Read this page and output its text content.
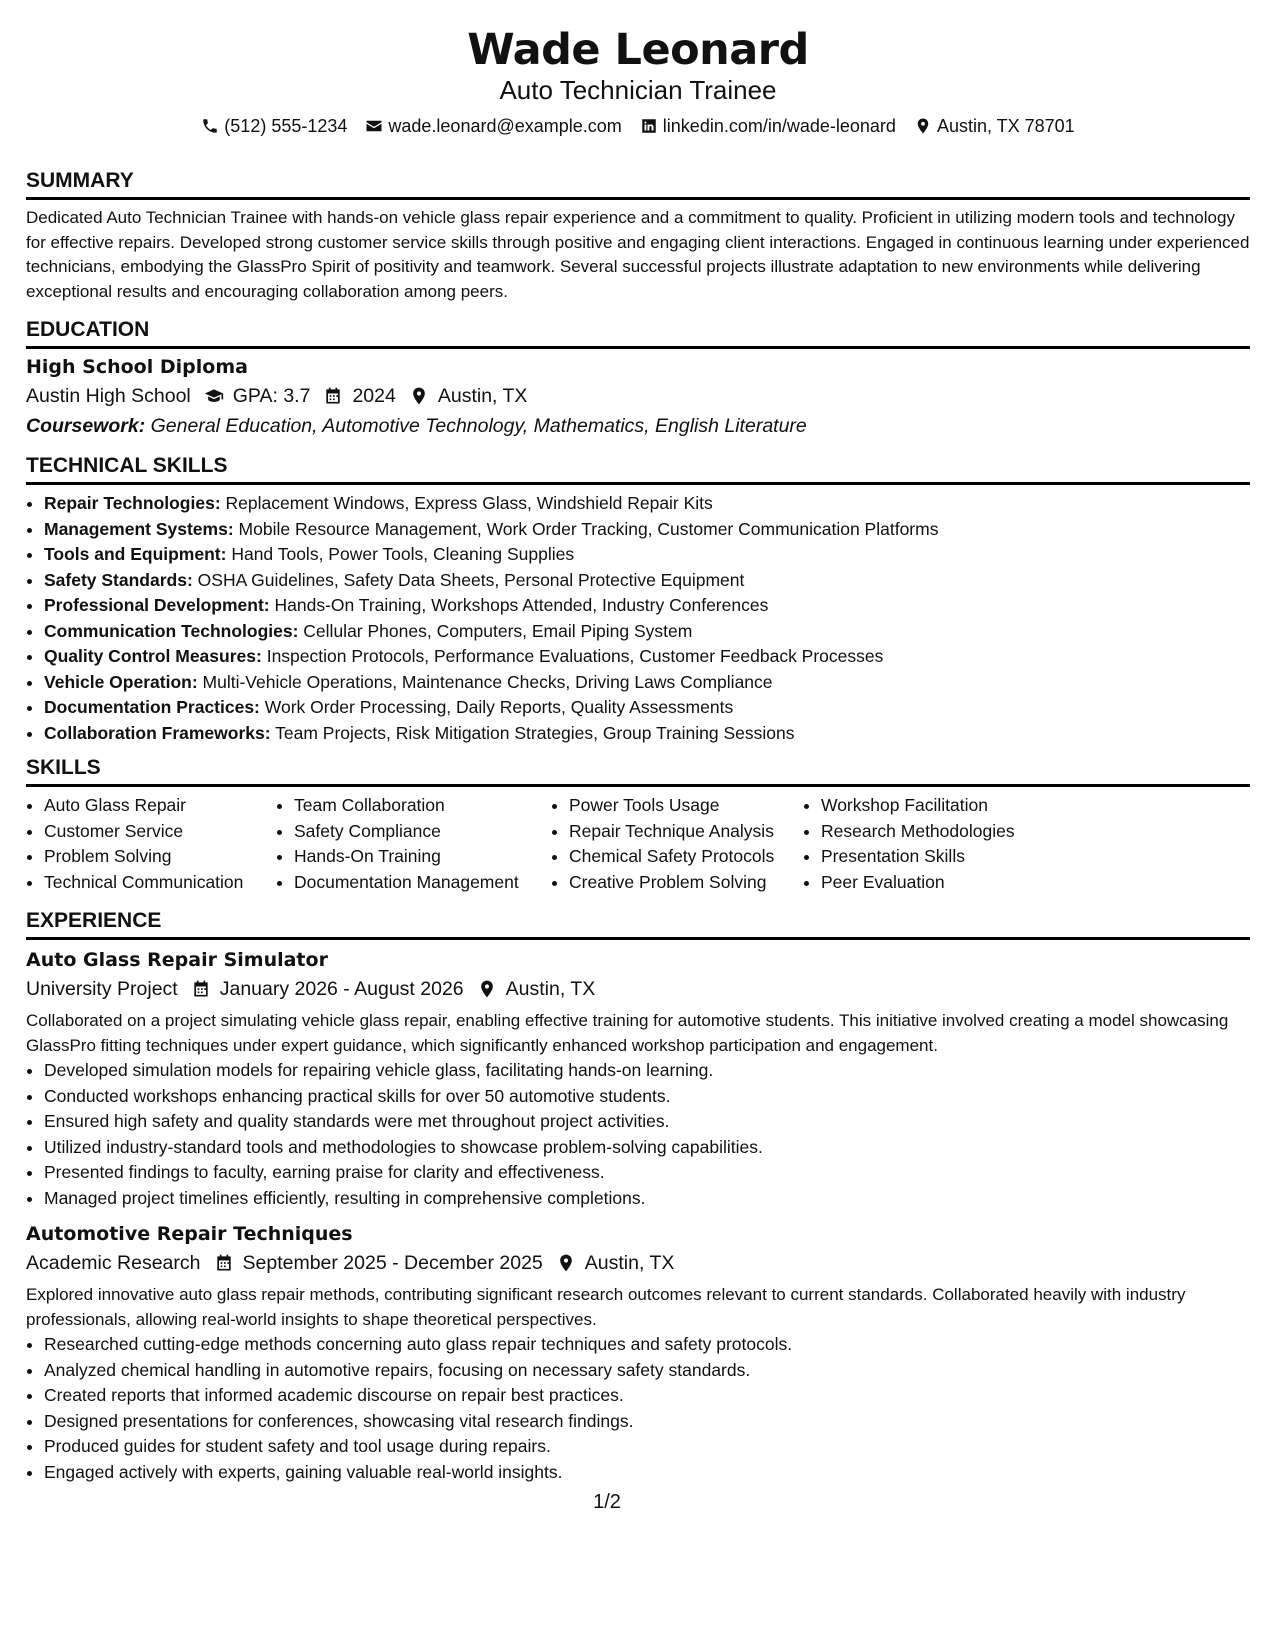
Wade Leonard
Auto Technician Trainee
(512) 555-1234 wade.leonard@example.com linkedin.com/in/wade-leonard Austin, TX 78701
SUMMARY

Dedicated Auto Technician Trainee with hands-on vehicle glass repair experience and a commitment to quality. Proficient in utilizing modern tools and technology for effective repairs. Developed strong customer service skills through positive and engaging client interactions. Engaged in continuous learning under experienced technicians, embodying the GlassPro Spirit of positivity and teamwork. Several successful projects illustrate adaptation to new environments while delivering exceptional results and encouraging collaboration among peers.

EDUCATION
High School Diploma
Austin High School GPA: 3.7 2024 Austin, TX
Coursework: General Education, Automotive Technology, Mathematics, English Literature
TECHNICAL SKILLS
• Repair Technologies: Replacement Windows, Express Glass, Windshield Repair Kits
• Management Systems: Mobile Resource Management, Work Order Tracking, Customer Communication Platforms
• Tools and Equipment: Hand Tools, Power Tools, Cleaning Supplies
• Safety Standards: OSHA Guidelines, Safety Data Sheets, Personal Protective Equipment
• Professional Development: Hands-On Training, Workshops Attended, Industry Conferences
• Communication Technologies: Cellular Phones, Computers, Email Piping System
• Quality Control Measures: Inspection Protocols, Performance Evaluations, Customer Feedback Processes
• Vehicle Operation: Multi-Vehicle Operations, Maintenance Checks, Driving Laws Compliance
• Documentation Practices: Work Order Processing, Daily Reports, Quality Assessments
• Collaboration Frameworks: Team Projects, Risk Mitigation Strategies, Group Training Sessions
SKILLS
• Auto Glass Repair
• Customer Service
• Problem Solving
• Technical Communication
• Team Collaboration
• Safety Compliance
• Hands-On Training
• Documentation Management
• Power Tools Usage
• Repair Technique Analysis
• Chemical Safety Protocols
• Creative Problem Solving
• Workshop Facilitation
• Research Methodologies
• Presentation Skills
• Peer Evaluation
EXPERIENCE
Auto Glass Repair Simulator
University Project January 2026 - August 2026 Austin, TX

Collaborated on a project simulating vehicle glass repair, enabling effective training for automotive students. This initiative involved creating a model showcasing GlassPro fitting techniques under expert guidance, which significantly enhanced workshop participation and engagement.

• Developed simulation models for repairing vehicle glass, facilitating hands-on learning.
• Conducted workshops enhancing practical skills for over 50 automotive students.
• Ensured high safety and quality standards were met throughout project activities.
• Utilized industry-standard tools and methodologies to showcase problem-solving capabilities.
• Presented findings to faculty, earning praise for clarity and effectiveness.
• Managed project timelines efficiently, resulting in comprehensive completions.
Automotive Repair Techniques
Academic Research September 2025 - December 2025 Austin, TX

Explored innovative auto glass repair methods, contributing significant research outcomes relevant to current standards. Collaborated heavily with industry professionals, allowing real-world insights to shape theoretical perspectives.

• Researched cutting-edge methods concerning auto glass repair techniques and safety protocols.
• Analyzed chemical handling in automotive repairs, focusing on necessary safety standards.
• Created reports that informed academic discourse on repair best practices.
• Designed presentations for conferences, showcasing vital research findings.
• Produced guides for student safety and tool usage during repairs.
• Engaged actively with experts, gaining valuable real-world insights.
1/2
